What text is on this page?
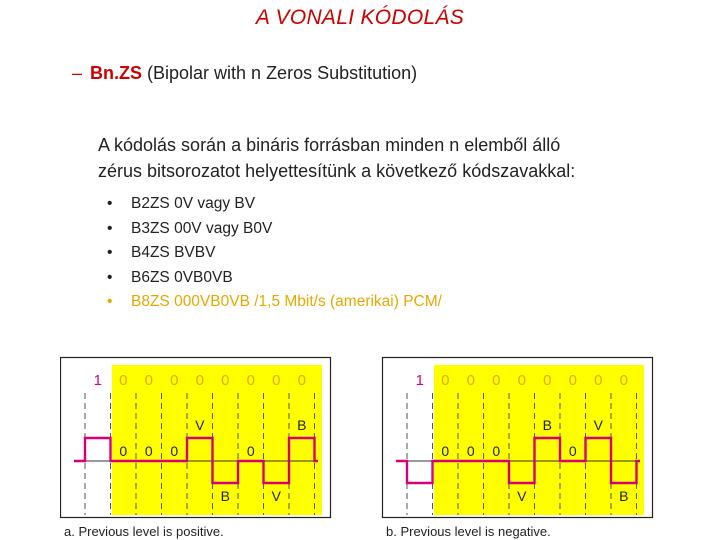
A VONALI KÓDOLÁS
– Bn.ZS (Bipolar with n Zeros Substitution)
A kódolás során a bináris forrásban minden n elemből álló
zérus bitsorozatot helyettesítünk a következő kódszavakkal:
• B2ZS 0V vagy BV
• B3ZS 00V vagy B0V
• B4ZS BVBV
• B6ZS 0VB0VB
• B8ZS 000VB0VB /1,5 Mbit/s (amerikai) PCM/
1 0 0 0 0 0 0 0 0
V	B
B	V
0 0 0	0
a. Previous level is positive.
1 0 0 0 0 0 0 0 0
B	V
V	B
0 0 0	0
b. Previous level is negative.
